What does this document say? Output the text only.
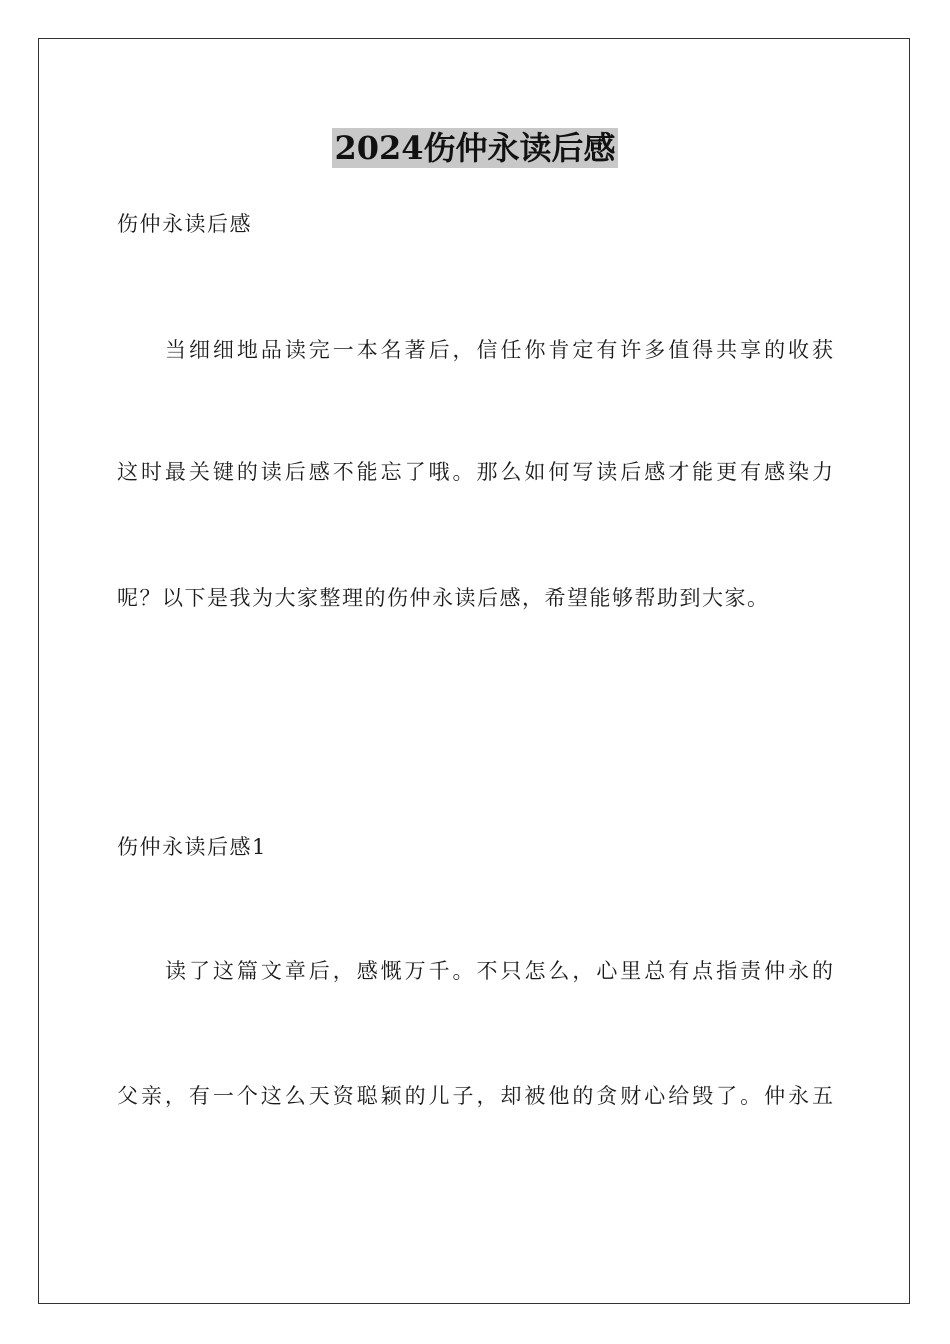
2024伤仲永读后感
伤仲永读后感
当细细地品读完一本名著后，信任你肯定有许多值得共享的收获
这时最关键的读后感不能忘了哦。那么如何写读后感才能更有感染力
呢？以下是我为大家整理的伤仲永读后感，希望能够帮助到大家。
伤仲永读后感1
读了这篇文章后，感慨万千。不只怎么，心里总有点指责仲永的
父亲，有一个这么天资聪颖的儿子，却被他的贪财心给毁了。仲永五
